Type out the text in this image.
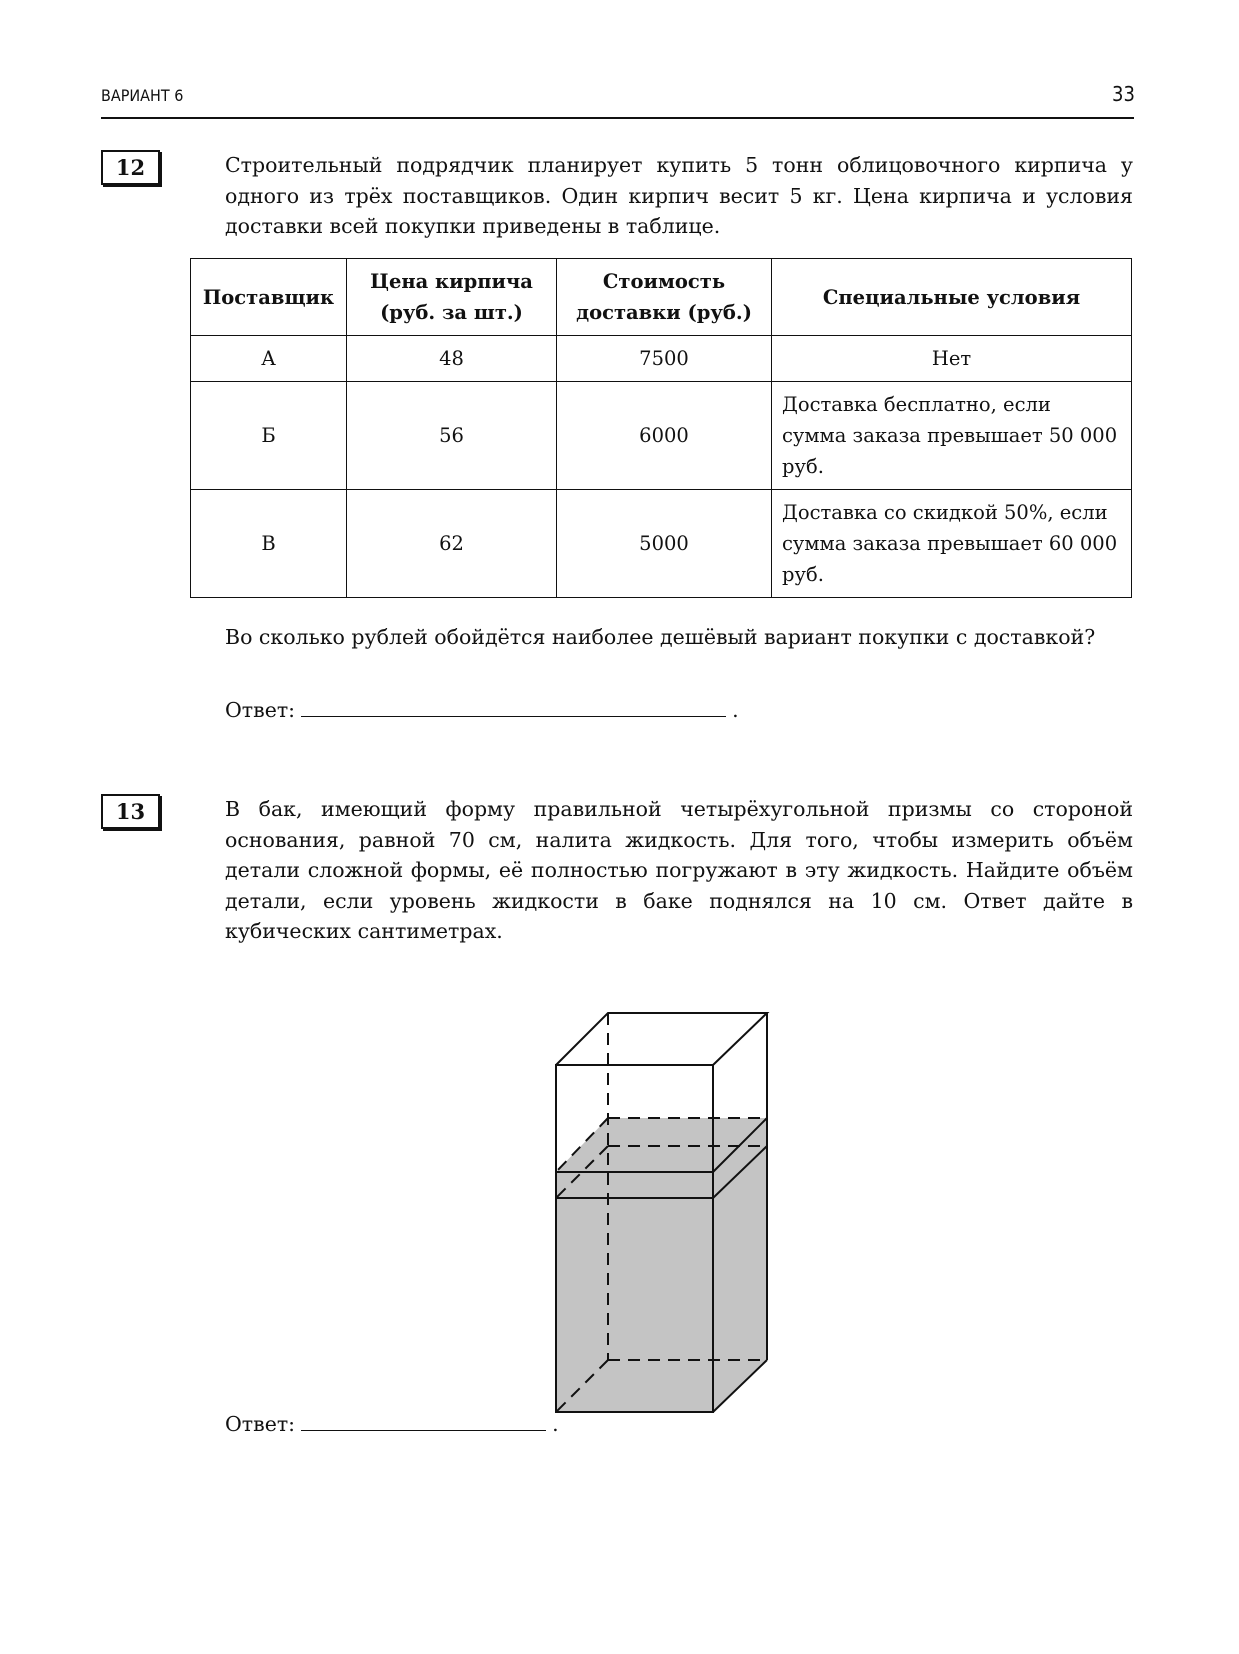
ВАРИАНТ 6	33
12	Строительный подрядчик планирует купить 5 тонн облицовочного кирпича у одного из трёх поставщиков. Один кирпич весит 5 кг. Цена кирпича и условия доставки всей покупки приведены в таблице.
Поставщик	Цена кирпича (руб. за шт.)	Стоимость доставки (руб.)	Специальные условия
А	48	7500	Нет
Б	56	6000	Доставка бесплатно, если сумма заказа превышает 50 000 руб.
В	62	5000	Доставка со скидкой 50%, если сумма заказа превышает 60 000 руб.
Во сколько рублей обойдётся наиболее дешёвый вариант покупки с доставкой?
Ответ:	.
13	В бак, имеющий форму правильной четырёхугольной призмы со стороной основания, равной 70 см, налита жидкость. Для того, чтобы измерить объём детали сложной формы, её полностью погружают в эту жидкость. Найдите объём детали, если уровень жидкости в баке поднялся на 10 см. Ответ дайте в кубических сантиметрах.
Ответ:	.
